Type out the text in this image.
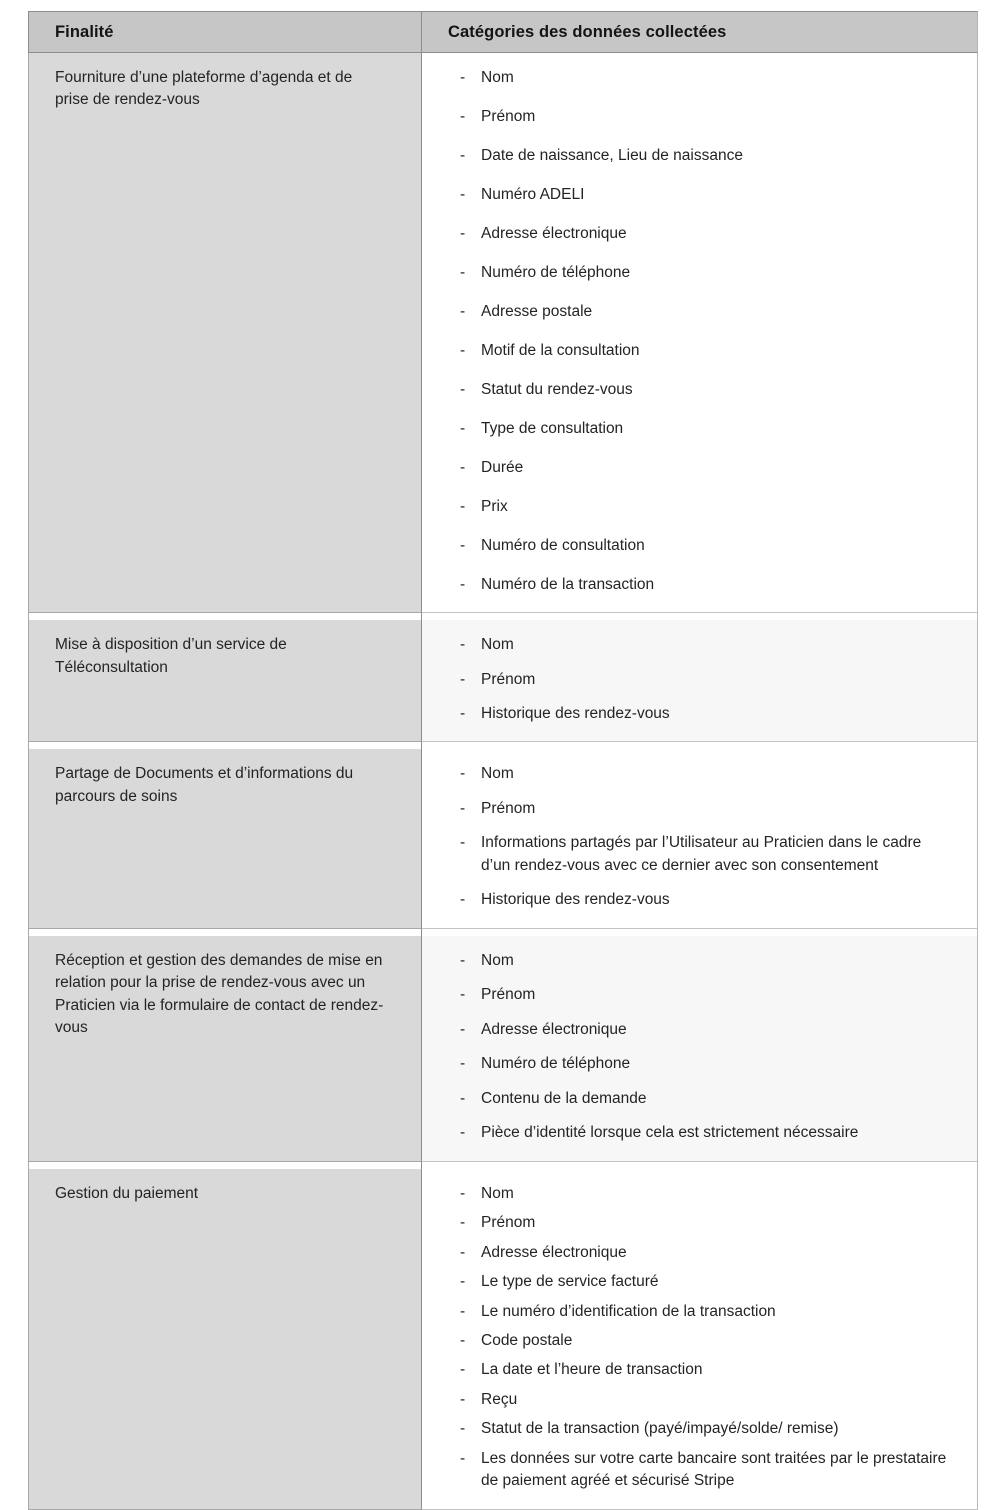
Finalité	Catégories des données collectées

Fourniture d’une plateforme d’agenda et de prise de rendez-vous

- Nom
- Prénom
- Date de naissance, Lieu de naissance
- Numéro ADELI
- Adresse électronique
- Numéro de téléphone
- Adresse postale
- Motif de la consultation
- Statut du rendez-vous
- Type de consultation
- Durée
- Prix
- Numéro de consultation
- Numéro de la transaction

Mise à disposition d’un service de Téléconsultation

- Nom
- Prénom
- Historique des rendez-vous

Partage de Documents et d’informations du parcours de soins

- Nom
- Prénom
- Informations partagés par l’Utilisateur au Praticien dans le cadre d’un rendez-vous avec ce dernier avec son consentement
- Historique des rendez-vous

Réception et gestion des demandes de mise en relation pour la prise de rendez-vous avec un Praticien via le formulaire de contact de rendez- vous

- Nom
- Prénom
- Adresse électronique
- Numéro de téléphone
- Contenu de la demande
- Pièce d’identité lorsque cela est strictement nécessaire

Gestion du paiement	- Nom
- Prénom
- Adresse électronique
- Le type de service facturé
- Le numéro d’identification de la transaction
- Code postale
- La date et l’heure de transaction
- Reçu
- Statut de la transaction (payé/impayé/solde/ remise)
- Les données sur votre carte bancaire sont traitées par le prestataire de paiement agréé et sécurisé Stripe
